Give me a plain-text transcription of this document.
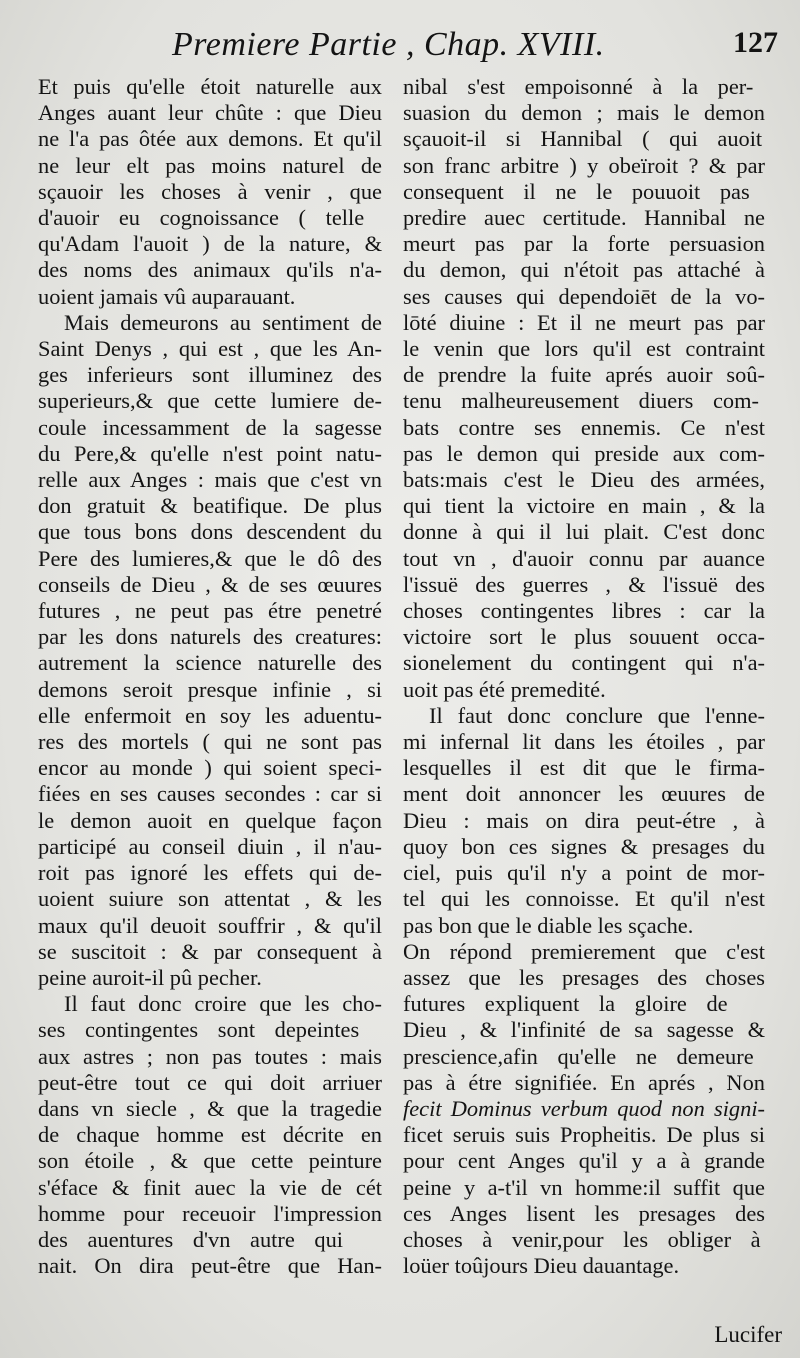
Premiere Partie , Chap. XVIII.	127
Et puis qu'elle étoit naturelle aux
Anges auant leur chûte : que Dieu
ne l'a pas ôtée aux demons. Et qu'il
ne leur elt pas moins naturel de
sçauoir les choses à venir , que
d'auoir eu cognoissance ( telle
qu'Adam l'auoit ) de la nature, &
des noms des animaux qu'ils n'a-
uoient jamais vû auparauant.
Mais demeurons au sentiment de
Saint Denys , qui est , que les An-
ges inferieurs sont illuminez des
superieurs,& que cette lumiere de-
coule incessamment de la sagesse
du Pere,& qu'elle n'est point natu-
relle aux Anges : mais que c'est vn
don gratuit & beatifique. De plus
que tous bons dons descendent du
Pere des lumieres,& que le dô des
conseils de Dieu , & de ses œuures
futures , ne peut pas étre penetré
par les dons naturels des creatures:
autrement la science naturelle des
demons seroit presque infinie , si
elle enfermoit en soy les aduentu-
res des mortels ( qui ne sont pas
encor au monde ) qui soient speci-
fiées en ses causes secondes : car si
le demon auoit en quelque façon
participé au conseil diuin , il n'au-
roit pas ignoré les effets qui de-
uoient suiure son attentat , & les
maux qu'il deuoit souffrir , & qu'il
se suscitoit : & par consequent à
peine auroit-il pû pecher.
Il faut donc croire que les cho-
ses contingentes sont depeintes
aux astres ; non pas toutes : mais
peut-être tout ce qui doit arriuer
dans vn siecle , & que la tragedie
de chaque homme est décrite en
son étoile , & que cette peinture
s'éface & finit auec la vie de cét
homme pour receuoir l'impression
des auentures d'vn autre qui
nait. On dira peut-être que Han-
nibal s'est empoisonné à la per-
suasion du demon ; mais le demon
sçauoit-il si Hannibal ( qui auoit
son franc arbitre ) y obeïroit ? & par
consequent il ne le pouuoit pas
predire auec certitude. Hannibal ne
meurt pas par la forte persuasion
du demon, qui n'étoit pas attaché à
ses causes qui dependoiēt de la vo-
lōté diuine : Et il ne meurt pas par
le venin que lors qu'il est contraint
de prendre la fuite aprés auoir soû-
tenu malheureusement diuers com-
bats contre ses ennemis. Ce n'est
pas le demon qui preside aux com-
bats:mais c'est le Dieu des armées,
qui tient la victoire en main , & la
donne à qui il lui plait. C'est donc
tout vn , d'auoir connu par auance
l'issuë des guerres , & l'issuë des
choses contingentes libres : car la
victoire sort le plus souuent occa-
sionelement du contingent qui n'a-
uoit pas été premedité.
Il faut donc conclure que l'enne-
mi infernal lit dans les étoiles , par
lesquelles il est dit que le firma-
ment doit annoncer les œuures de
Dieu : mais on dira peut-étre , à
quoy bon ces signes & presages du
ciel, puis qu'il n'y a point de mor-
tel qui les connoisse. Et qu'il n'est
pas bon que le diable les sçache.
On répond premierement que c'est
assez que les presages des choses
futures expliquent la gloire de
Dieu , & l'infinité de sa sagesse &
prescience,afin qu'elle ne demeure
pas à étre signifiée. En aprés , Non
fecit Dominus verbum quod non signi-
ficet seruis suis Propheitis. De plus si
pour cent Anges qu'il y a à grande
peine y a-t'il vn homme:il suffit que
ces Anges lisent les presages des
choses à venir,pour les obliger à
loüer toûjours Dieu dauantage.
Lucifer
